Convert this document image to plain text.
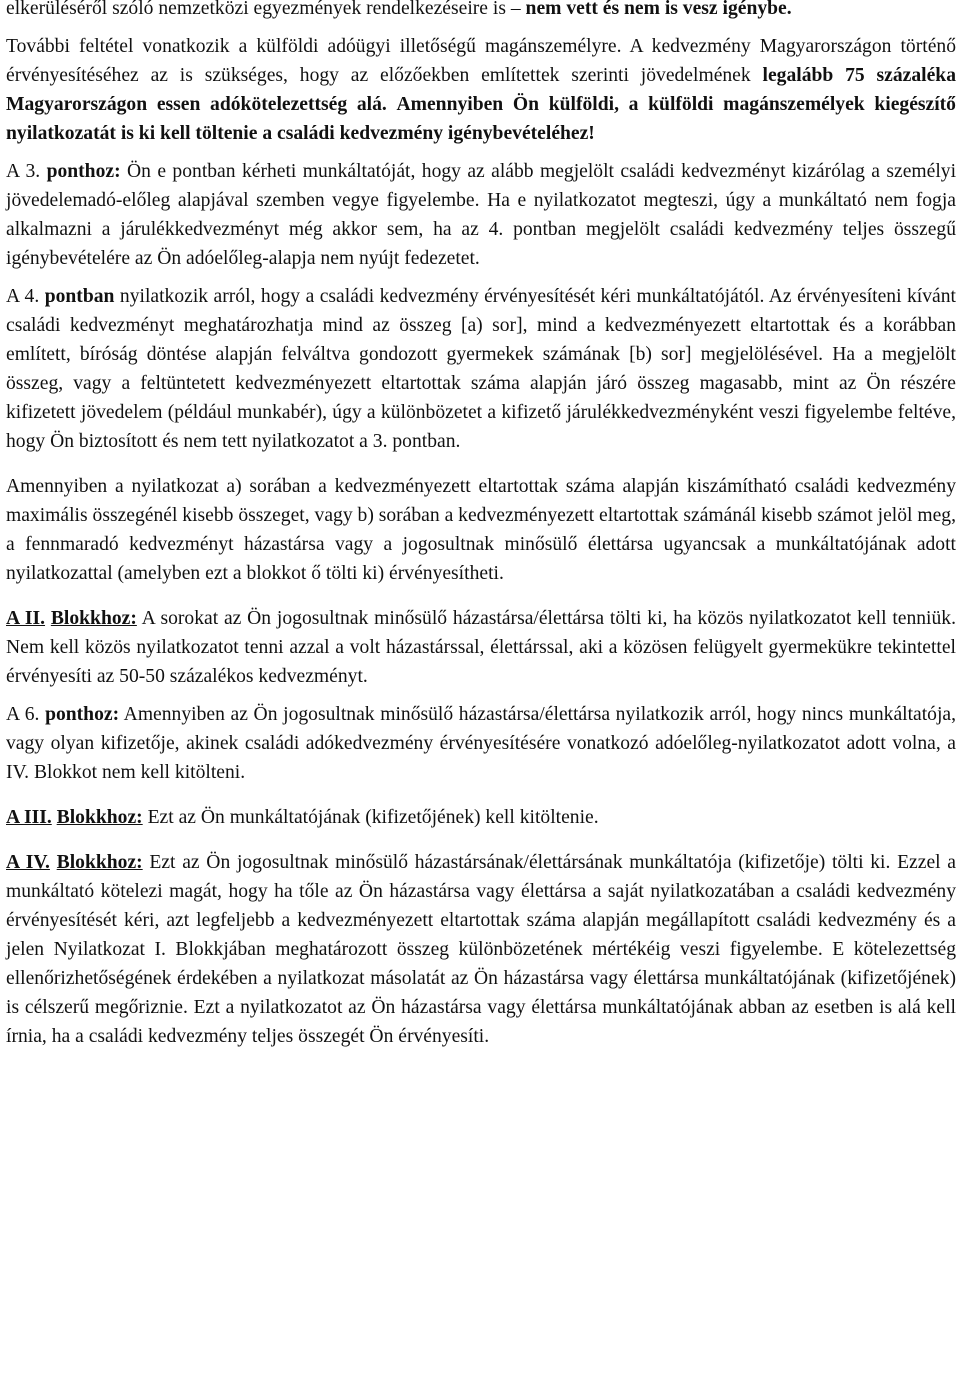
elkerüléséről szóló nemzetközi egyezmények rendelkezéseire is – nem vett és nem is vesz igénybe.

További feltétel vonatkozik a külföldi adóügyi illetőségű magánszemélyre. A kedvezmény Magyarországon történő érvényesítéséhez az is szükséges, hogy az előzőekben említettek szerinti jövedelmének legalább 75 százaléka Magyarországon essen adókötelezettség alá. Amennyiben Ön külföldi, a külföldi magánszemélyek kiegészítő nyilatkozatát is ki kell töltenie a családi kedvezmény igénybevételéhez!

A 3. ponthoz: Ön e pontban kérheti munkáltatóját, hogy az alább megjelölt családi kedvezményt kizárólag a személyi jövedelemadó-előleg alapjával szemben vegye figyelembe. Ha e nyilatkozatot megteszi, úgy a munkáltató nem fogja alkalmazni a járulékkedvezményt még akkor sem, ha az 4. pontban megjelölt családi kedvezmény teljes összegű igénybevételére az Ön adóelőleg-alapja nem nyújt fedezetet.

A 4. pontban nyilatkozik arról, hogy a családi kedvezmény érvényesítését kéri munkáltatójától. Az érvényesíteni kívánt családi kedvezményt meghatározhatja mind az összeg [a) sor], mind a kedvezményezett eltartottak és a korábban említett, bíróság döntése alapján felváltva gondozott gyermekek számának [b) sor] megjelölésével. Ha a megjelölt összeg, vagy a feltüntetett kedvezményezett eltartottak száma alapján járó összeg magasabb, mint az Ön részére kifizetett jövedelem (például munkabér), úgy a különbözetet a kifizető járulékkedvezményként veszi figyelembe feltéve, hogy Ön biztosított és nem tett nyilatkozatot a 3. pontban.

Amennyiben a nyilatkozat a) sorában a kedvezményezett eltartottak száma alapján kiszámítható családi kedvezmény maximális összegénél kisebb összeget, vagy b) sorában a kedvezményezett eltartottak számánál kisebb számot jelöl meg, a fennmaradó kedvezményt házastársa vagy a jogosultnak minősülő élettársa ugyancsak a munkáltatójának adott nyilatkozattal (amelyben ezt a blokkot ő tölti ki) érvényesítheti.

A II. Blokkhoz: A sorokat az Ön jogosultnak minősülő házastársa/élettársa tölti ki, ha közös nyilatkozatot kell tenniük. Nem kell közös nyilatkozatot tenni azzal a volt házastárssal, élettárssal, aki a közösen felügyelt gyermekükre tekintettel érvényesíti az 50-50 százalékos kedvezményt.

A 6. ponthoz: Amennyiben az Ön jogosultnak minősülő házastársa/élettársa nyilatkozik arról, hogy nincs munkáltatója, vagy olyan kifizetője, akinek családi adókedvezmény érvényesítésére vonatkozó adóelőleg-nyilatkozatot adott volna, a IV. Blokkot nem kell kitölteni.

A III. Blokkhoz: Ezt az Ön munkáltatójának (kifizetőjének) kell kitöltenie.

A IV. Blokkhoz: Ezt az Ön jogosultnak minősülő házastársának/élettársának munkáltatója (kifizetője) tölti ki. Ezzel a munkáltató kötelezi magát, hogy ha tőle az Ön házastársa vagy élettársa a saját nyilatkozatában a családi kedvezmény érvényesítését kéri, azt legfeljebb a kedvezményezett eltartottak száma alapján megállapított családi kedvezmény és a jelen Nyilatkozat I. Blokkjában meghatározott összeg különbözetének mértékéig veszi figyelembe. E kötelezettség ellenőrizhetőségének érdekében a nyilatkozat másolatát az Ön házastársa vagy élettársa munkáltatójának (kifizetőjének) is célszerű megőriznie. Ezt a nyilatkozatot az Ön házastársa vagy élettársa munkáltatójának abban az esetben is alá kell írnia, ha a családi kedvezmény teljes összegét Ön érvényesíti.
